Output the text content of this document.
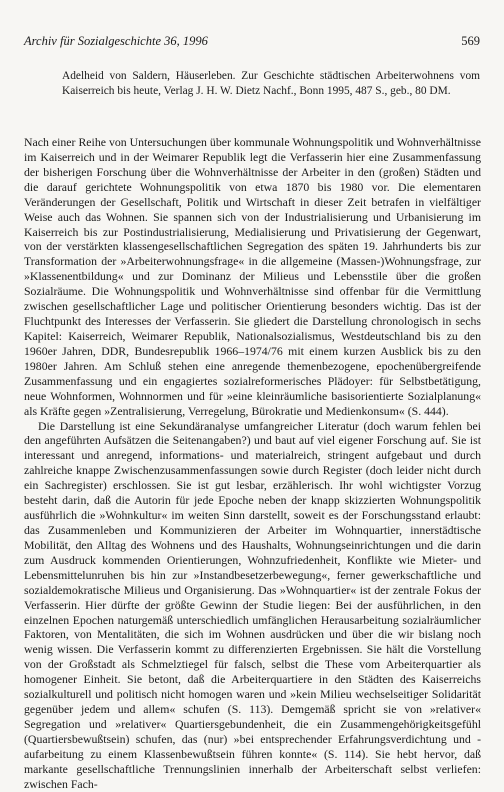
Archiv für Sozialgeschichte 36, 1996	569

Adelheid von Saldern, Häuserleben. Zur Geschichte städtischen Arbeiterwohnens vom Kaiserreich bis heute, Verlag J. H. W. Dietz Nachf., Bonn 1995, 487 S., geb., 80 DM.

Nach einer Reihe von Untersuchungen über kommunale Wohnungspolitik und Wohnverhältnisse im Kaiserreich und in der Weimarer Republik legt die Verfasserin hier eine Zusammenfassung der bisherigen Forschung über die Wohnverhältnisse der Arbeiter in den (großen) Städten und die darauf gerichtete Wohnungspolitik von etwa 1870 bis 1980 vor. Die elementaren Veränderungen der Gesellschaft, Politik und Wirtschaft in dieser Zeit betrafen in vielfältiger Weise auch das Wohnen. Sie spannen sich von der Industrialisierung und Urbanisierung im Kaiserreich bis zur Postindustrialisierung, Medialisierung und Privatisierung der Gegenwart, von der verstärkten klassengesellschaftlichen Segregation des späten 19. Jahrhunderts bis zur Transformation der »Arbeiterwohnungsfrage« in die allgemeine (Massen-)Wohnungsfrage, zur »Klassenentbildung« und zur Dominanz der Milieus und Lebensstile über die großen Sozialräume. Die Wohnungspolitik und Wohnverhältnisse sind offenbar für die Vermittlung zwischen gesellschaftlicher Lage und politischer Orientierung besonders wichtig. Das ist der Fluchtpunkt des Interesses der Verfasserin. Sie gliedert die Darstellung chronologisch in sechs Kapitel: Kaiserreich, Weimarer Republik, Nationalsozialismus, Westdeutschland bis zu den 1960er Jahren, DDR, Bundesrepublik 1966–1974/76 mit einem kurzen Ausblick bis zu den 1980er Jahren. Am Schluß stehen eine anregende themenbezogene, epochenübergreifende Zusammenfassung und ein engagiertes sozialreformerisches Plädoyer: für Selbstbetätigung, neue Wohnformen, Wohnnormen und für »eine kleinräumliche basisorientierte Sozialplanung« als Kräfte gegen »Zentralisierung, Verregelung, Bürokratie und Medienkonsum« (S. 444).

Die Darstellung ist eine Sekundäranalyse umfangreicher Literatur (doch warum fehlen bei den angeführten Aufsätzen die Seitenangaben?) und baut auf viel eigener Forschung auf. Sie ist interessant und anregend, informations- und materialreich, stringent aufgebaut und durch zahlreiche knappe Zwischenzusammenfassungen sowie durch Register (doch leider nicht durch ein Sachregister) erschlossen. Sie ist gut lesbar, erzählerisch. Ihr wohl wichtigster Vorzug besteht darin, daß die Autorin für jede Epoche neben der knapp skizzierten Wohnungspolitik ausführlich die »Wohnkultur« im weiten Sinn darstellt, soweit es der Forschungsstand erlaubt: das Zusammenleben und Kommunizieren der Arbeiter im Wohnquartier, innerstädtische Mobilität, den Alltag des Wohnens und des Haushalts, Wohnungseinrichtungen und die darin zum Ausdruck kommenden Orientierungen, Wohnzufriedenheit, Konflikte wie Mieter- und Lebensmittelunruhen bis hin zur »Instandbesetzerbewegung«, ferner gewerkschaftliche und sozialdemokratische Milieus und Organisierung. Das »Wohnquartier« ist der zentrale Fokus der Verfasserin. Hier dürfte der größte Gewinn der Studie liegen: Bei der ausführlichen, in den einzelnen Epochen naturgemäß unterschiedlich umfänglichen Herausarbeitung sozialräumlicher Faktoren, von Mentalitäten, die sich im Wohnen ausdrücken und über die wir bislang noch wenig wissen. Die Verfasserin kommt zu differenzierten Ergebnissen. Sie hält die Vorstellung von der Großstadt als Schmelztiegel für falsch, selbst die These vom Arbeiterquartier als homogener Einheit. Sie betont, daß die Arbeiterquartiere in den Städten des Kaiserreichs sozialkulturell und politisch nicht homogen waren und »kein Milieu wechselseitiger Solidarität gegenüber jedem und allem« schufen (S. 113). Demgemäß spricht sie von »relativer« Segregation und »relativer« Quartiersgebundenheit, die ein Zusammengehörigkeitsgefühl (Quartiersbewußtsein) schufen, das (nur) »bei entsprechender Erfahrungsverdichtung und -aufarbeitung zu einem Klassenbewußtsein führen konnte« (S. 114). Sie hebt hervor, daß markante gesellschaftliche Trennungslinien innerhalb der Arbeiterschaft selbst verliefen: zwischen Fach-
